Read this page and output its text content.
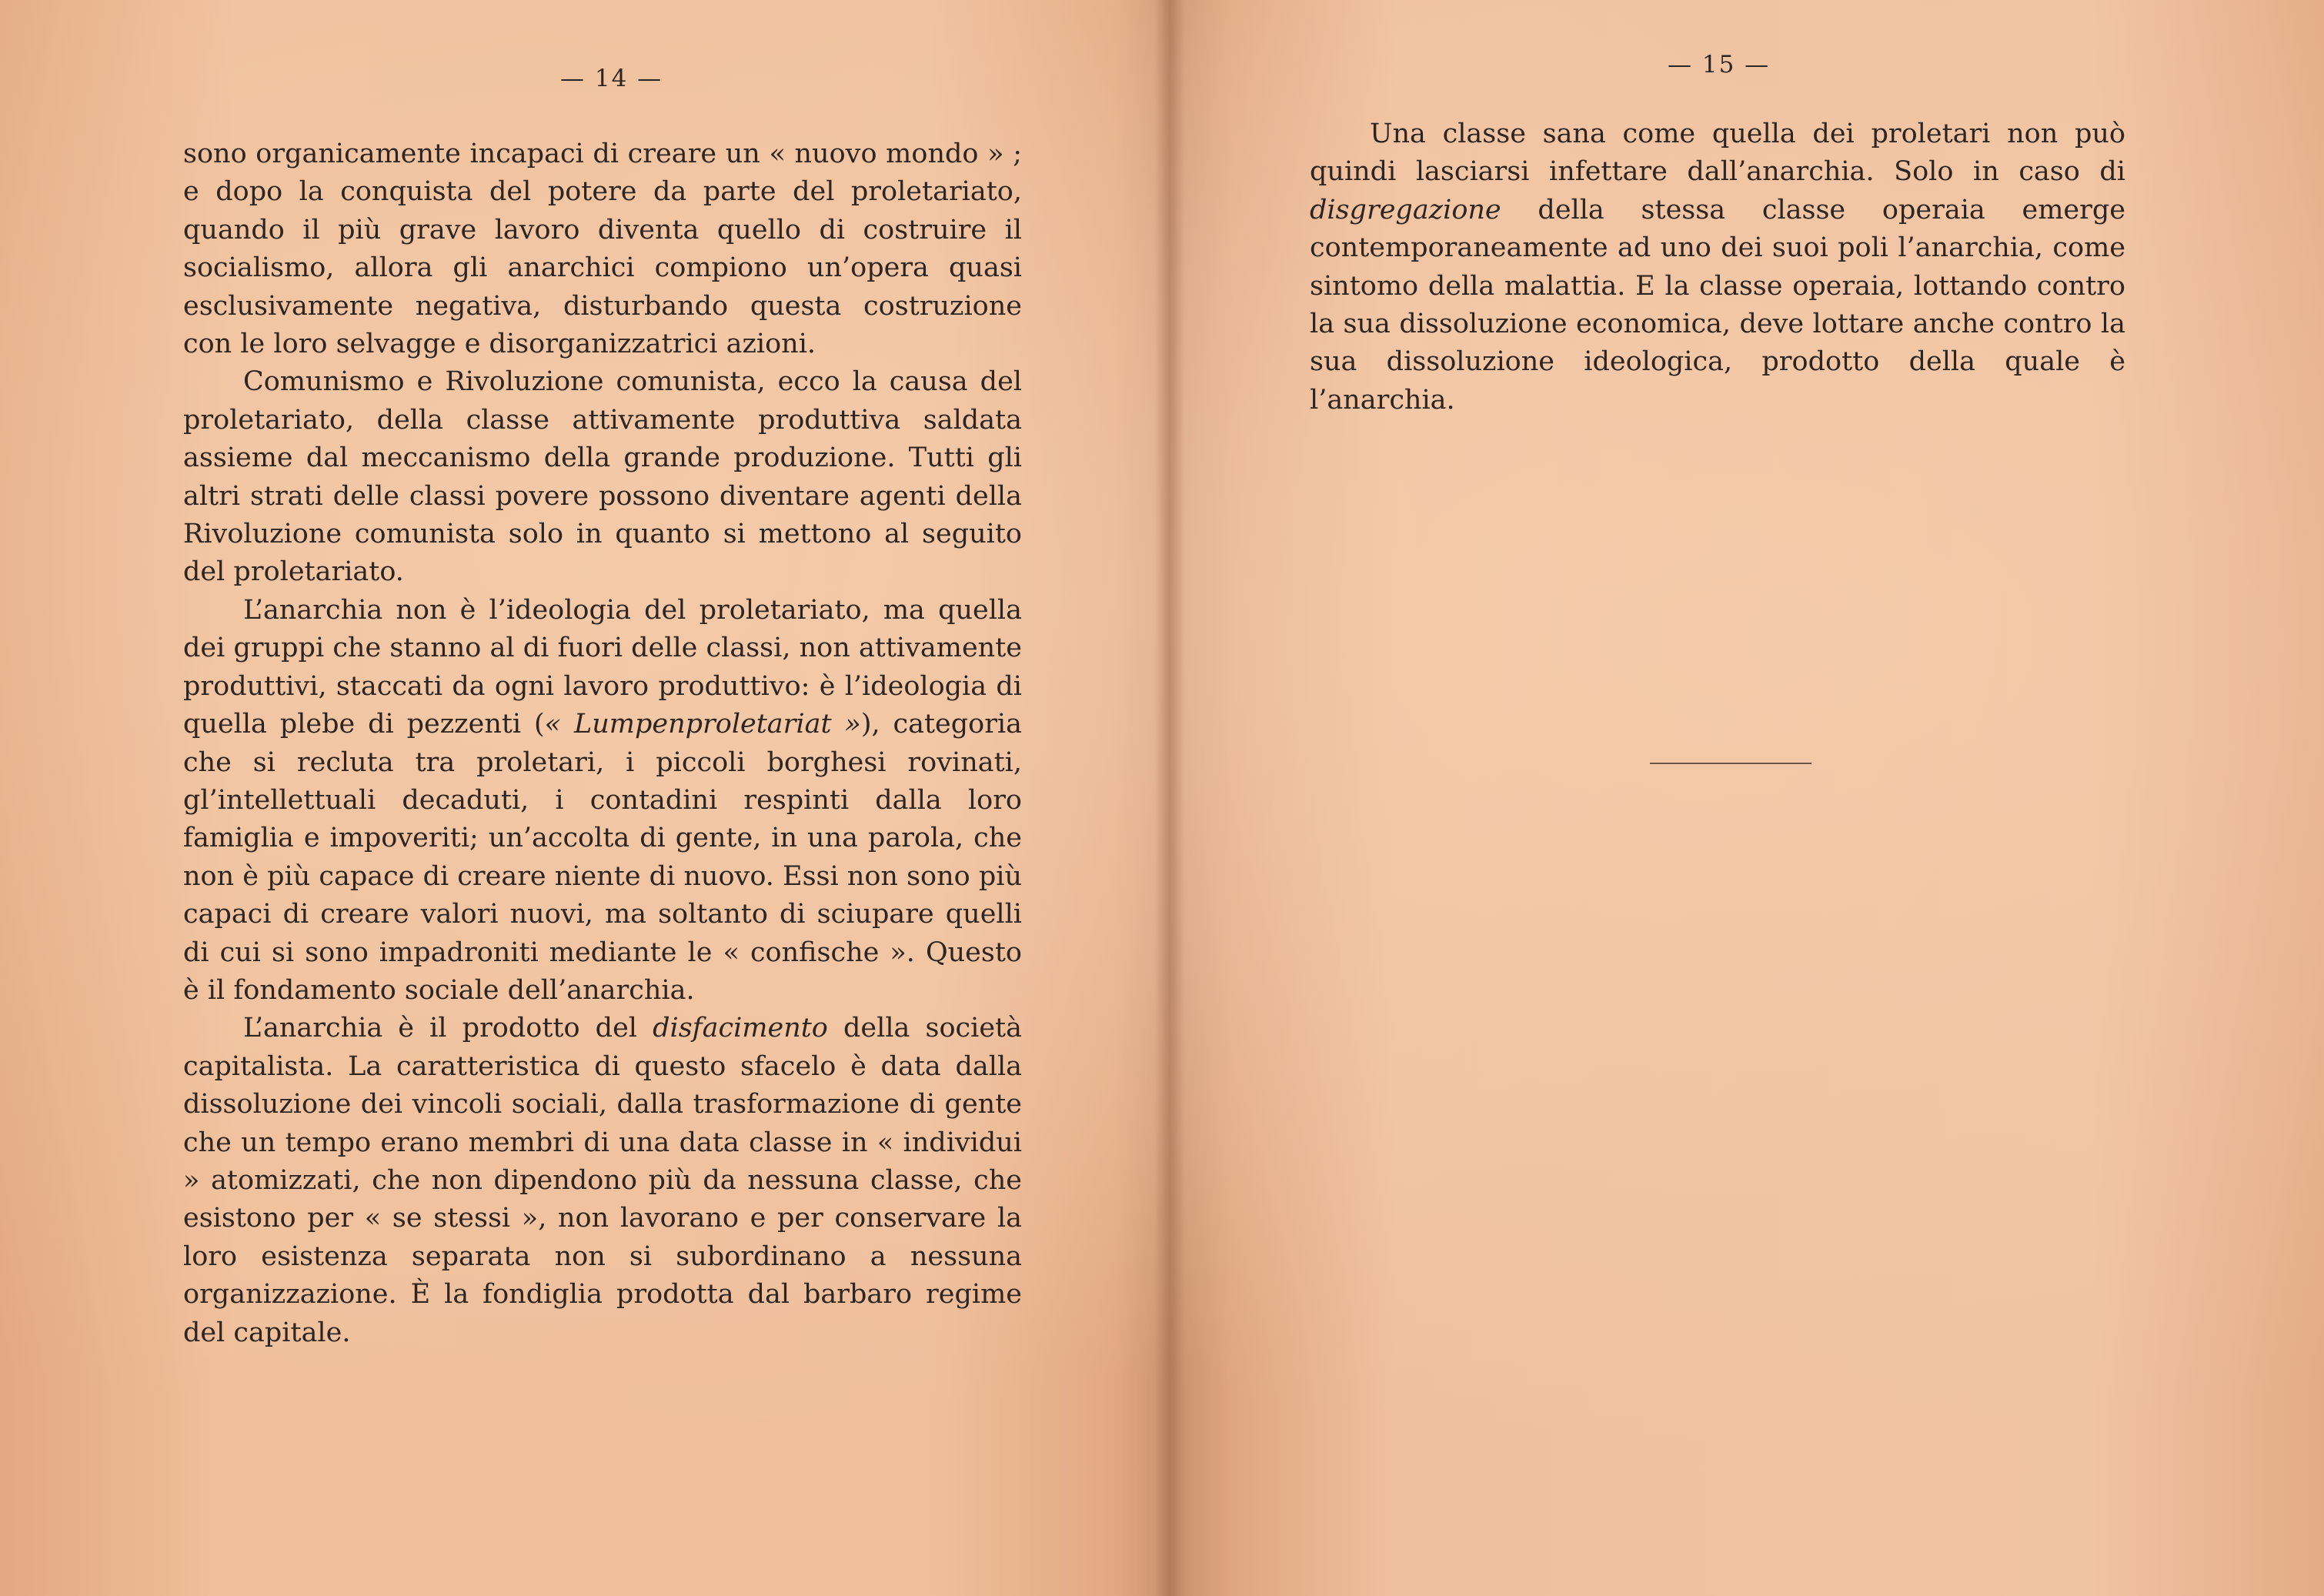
— 14 —

sono organicamente incapaci di creare un « nuovo mondo » ; e dopo la conquista del potere da parte del proletariato, quando il più grave lavoro diventa quello di costruire il socialismo, allora gli anarchici compiono un’opera quasi esclusivamente negativa, disturbando questa costruzione con le loro selvagge e disorganizzatrici azioni.

Comunismo e Rivoluzione comunista, ecco la causa del proletariato, della classe attivamente produttiva saldata assieme dal meccanismo della grande produzione. Tutti gli altri strati delle classi povere possono diventare agenti della Rivoluzione comunista solo in quanto si mettono al seguito del proletariato.

L’anarchia non è l’ideologia del proletariato, ma quella dei gruppi che stanno al di fuori delle classi, non attivamente produttivi, staccati da ogni lavoro produttivo: è l’ideologia di quella plebe di pezzenti (« Lumpenproletariat »), categoria che si recluta tra proletari, i piccoli borghesi rovinati, gl’intellettuali decaduti, i contadini respinti dalla loro famiglia e impoveriti; un’accolta di gente, in una parola, che non è più capace di creare niente di nuovo. Essi non sono più capaci di creare valori nuovi, ma soltanto di sciupare quelli di cui si sono impadroniti mediante le « confische ». Questo è il fondamento sociale dell’anarchia.

L’anarchia è il prodotto del disfacimento della società capitalista. La caratteristica di questo sfacelo è data dalla dissoluzione dei vincoli sociali, dalla trasformazione di gente che un tempo erano membri di una data classe in « individui » atomizzati, che non dipendono più da nessuna classe, che esistono per « se stessi », non lavorano e per conservare la loro esistenza separata non si subordinano a nessuna organizzazione. È la fondiglia prodotta dal barbaro regime del capitale.

— 15 —

Una classe sana come quella dei proletari non può quindi lasciarsi infettare dall’anarchia. Solo in caso di disgregazione della stessa classe operaia emerge contemporaneamente ad uno dei suoi poli l’anarchia, come sintomo della malattia. E la classe operaia, lottando contro la sua dissoluzione economica, deve lottare anche contro la sua dissoluzione ideologica, prodotto della quale è l’anarchia.
